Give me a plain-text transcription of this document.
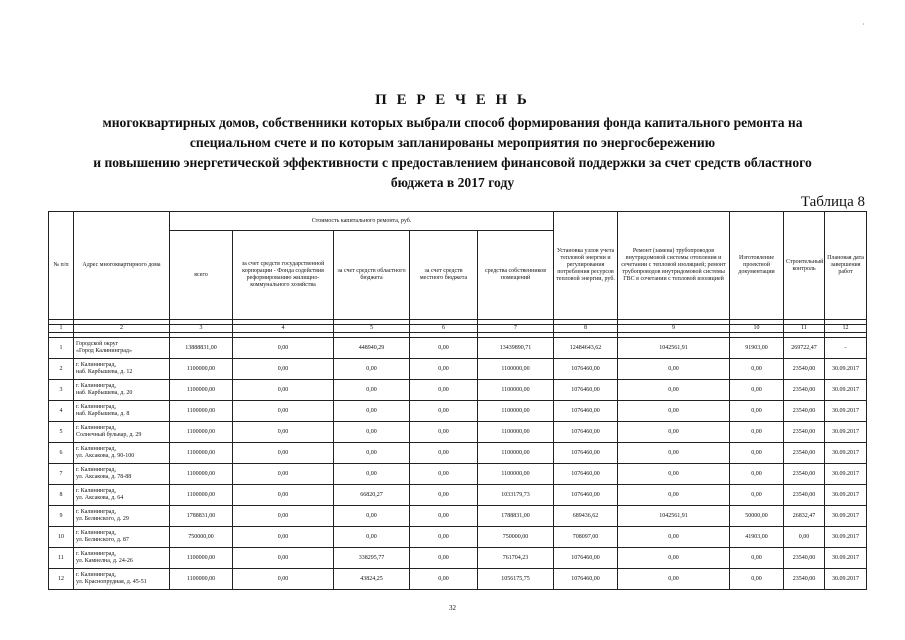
·
П Е Р Е Ч Е Н Ь
многоквартирных домов, собственники которых выбрали способ формирования фонда капитального ремонта на
специальном счете и по которым запланированы мероприятия по энергосбережению
и повышению энергетической эффективности с предоставлением финансовой поддержки за счет средств областного
бюджета в 2017 году
Таблица 8
№ п/п	Адрес многоквартирного дома	Стоимость капитального ремонта, руб.					Установка узлов учета тепловой энергии и регулирования потребления ресурсов тепловой энергии, руб.	Ремонт (замена) трубопроводов внутридомовой системы отопления и сечетании с тепловой изоляцией; ремонт трубопроводов внутридомовой системы ГВС в сочетании с тепловой изоляцией	Изготовление проектной документации	Строительный контроль	Плановая дата завершения работ
		всего	за счет средств государственной корпорации - Фонда содействия реформированию жилищно-коммунального хозяйства	за счет средств областного бюджета	за счет средств местного бюджета	средства собственников помещений					

1	2	3	4	5	6	7	8	9	10	11	12

1	Городской округ
«Город Калининград»	13888831,00	0,00	448940,29	0,00	13439890,71	12484643,62	1042561,91	91903,00	269722,47	-
2	г. Калининград,
наб. Карбышева, д. 12	1100000,00	0,00	0,00	0,00	1100000,00	1076460,00	0,00	0,00	23540,00	30.09.2017
3	г. Калининград,
наб. Карбышева, д. 20	1100000,00	0,00	0,00	0,00	1100000,00	1076460,00	0,00	0,00	23540,00	30.09.2017
4	г. Калининград,
наб. Карбышева, д. 8	1100000,00	0,00	0,00	0,00	1100000,00	1076460,00	0,00	0,00	23540,00	30.09.2017
5	г. Калининград,
Солнечный бульвар, д. 29	1100000,00	0,00	0,00	0,00	1100000,00	1076460,00	0,00	0,00	23540,00	30.09.2017
6	г. Калининград,
ул. Аксакова, д. 90-100	1100000,00	0,00	0,00	0,00	1100000,00	1076460,00	0,00	0,00	23540,00	30.09.2017
7	г. Калининград,
ул. Аксакова, д. 78-88	1100000,00	0,00	0,00	0,00	1100000,00	1076460,00	0,00	0,00	23540,00	30.09.2017
8	г. Калининград,
ул. Аксакова, д. 64	1100000,00	0,00	66820,27	0,00	1033179,73	1076460,00	0,00	0,00	23540,00	30.09.2017
9	г. Калининград,
ул. Белинского, д. 29	1788831,00	0,00	0,00	0,00	1788831,00	689436,62	1042561,91	50000,00	26832,47	30.09.2017
10	г. Калининград,
ул. Белинского, д. 87	750000,00	0,00	0,00	0,00	750000,00	708097,00	0,00	41903,00	0,00	30.09.2017
11	г. Калининград,
ул. Камнелна, д. 24-26	1100000,00	0,00	338295,77	0,00	761704,23	1076460,00	0,00	0,00	23540,00	30.09.2017
12	г. Калининград,
ул. Краснопрудная, д. 45-51	1100000,00	0,00	43824,25	0,00	1056175,75	1076460,00	0,00	0,00	23540,00	30.09.2017
32
